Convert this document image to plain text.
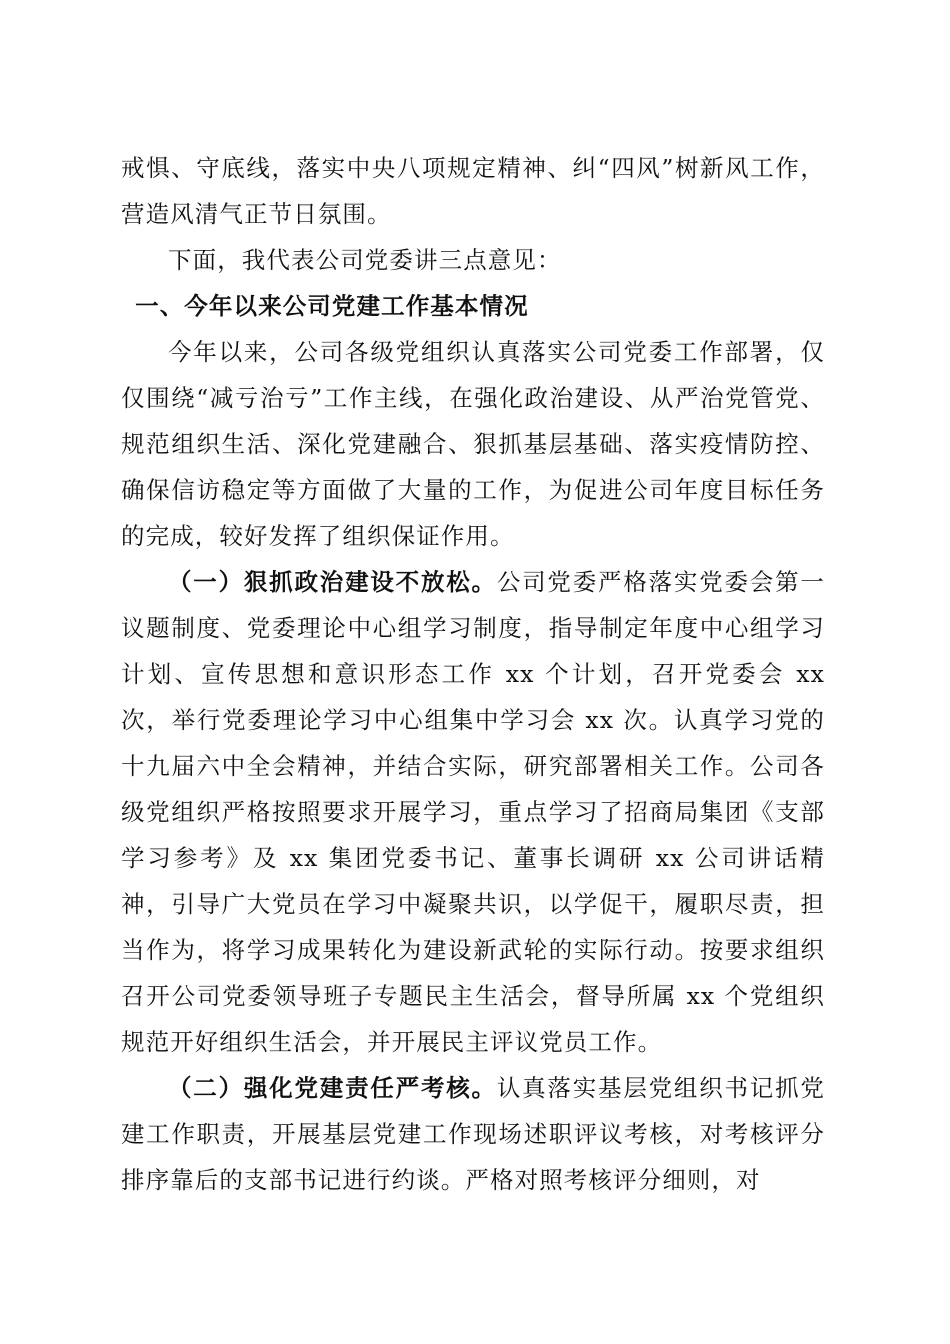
戒惧、守底线，落实中央八项规定精神、纠“四风”树新风工作，营造风清气正节日氛围。

下面，我代表公司党委讲三点意见：

一、今年以来公司党建工作基本情况

今年以来，公司各级党组织认真落实公司党委工作部署，仅仅围绕“减亏治亏”工作主线，在强化政治建设、从严治党管党、规范组织生活、深化党建融合、狠抓基层基础、落实疫情防控、确保信访稳定等方面做了大量的工作，为促进公司年度目标任务的完成，较好发挥了组织保证作用。

（一）狠抓政治建设不放松。公司党委严格落实党委会第一议题制度、党委理论中心组学习制度，指导制定年度中心组学习计划、宣传思想和意识形态工作 xx 个计划，召开党委会 xx 次，举行党委理论学习中心组集中学习会 xx 次。认真学习党的十九届六中全会精神，并结合实际，研究部署相关工作。公司各级党组织严格按照要求开展学习，重点学习了招商局集团《支部学习参考》及 xx 集团党委书记、董事长调研 xx 公司讲话精神，引导广大党员在学习中凝聚共识，以学促干，履职尽责，担当作为，将学习成果转化为建设新武轮的实际行动。按要求组织召开公司党委领导班子专题民主生活会，督导所属 xx 个党组织规范开好组织生活会，并开展民主评议党员工作。

（二）强化党建责任严考核。认真落实基层党组织书记抓党建工作职责，开展基层党建工作现场述职评议考核，对考核评分排序靠后的支部书记进行约谈。严格对照考核评分细则，对
